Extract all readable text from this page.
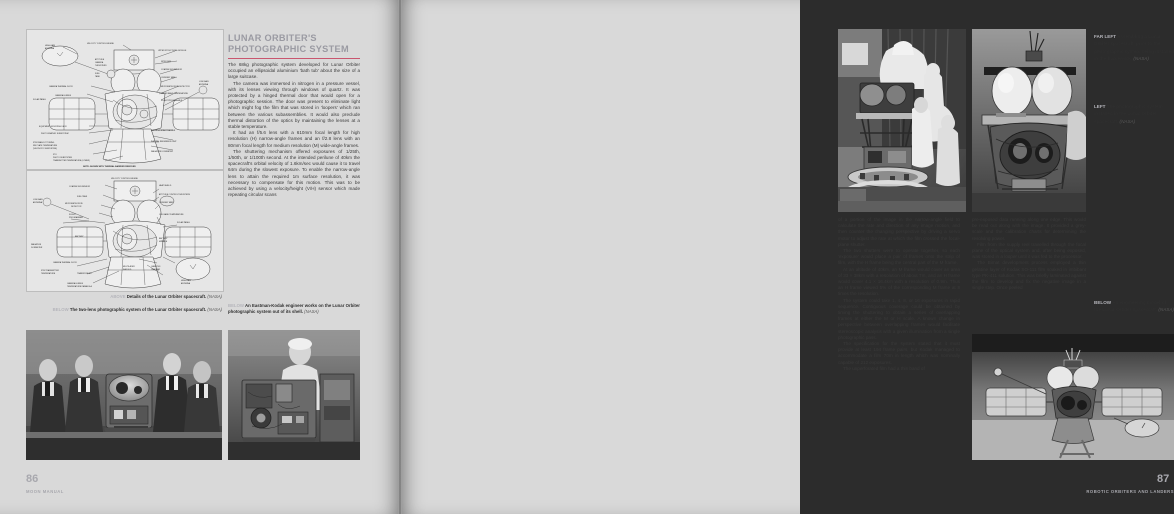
HIGH-GAIN
ANTENNA
VELOCITY CONTROL ENGINE
ATTITUDE
CAMERA
THRUSTERS
FUEL
TANK
UPPER STRUCTURAL MODULE
NITROGEN
COARSE SUN SENSOR
OXIDISER TANK
MICROMETEOROID DETECTOR
UPPER BAND TEMPERATURE
FLIGHT PROGRAMMER
CAMERA THERMAL DOOR
CAMERA LENSES
SOLAR PANEL
EQUIPMENT MOUNTING DECK
PHOTOGRAPHIC SUBSYSTEM
FTM READOUT TUBING
FIN PLATE TEMPERATURE
(V/H PHOTO SUBSYSTEM)
FTU
PHOTO SUBSYSTEM
TRANSMITTER TEMPERATURE (LOWER)
CANOPUS STAR TRACKER
INERTIAL REFERENCE UNIT
RADIATION DOSIMETER
LOW-GAIN
ANTENNA
NOTE: SHOWN WITH THERMAL BARRIER REMOVED
VELOCITY CONTROL ENGINE
HEAT SHIELD
COARSE SUN SENSOR
ATTITUDE CONTROL THRUSTERS
FUEL TANK
OXIDISER TANK
MICROMETEOROID
DETECTOR
CEIL BAND TEMPERATURE
FLIGHT
PROGRAMMER
LOW-GAIN
ANTENNA
SOLAR PANEL
BATTERY
BATTERY
MODULE
RADIATION
DOSIMETER
CAMERA THERMAL DOOR
FTM TRANSMITTER
TEMPERATURE	TRANSPONDER
MULTILAYER
SHROUD
CAMERA LENSES
TEMPERATURE PARABOLA
CANOPUS
TRACKER
HIGH-GAIN
ANTENNA
ABOVE Details of the Lunar Orbiter spacecraft. (NASA)
BELOW The two-lens photographic system of the Lunar Orbiter spacecraft. (NASA)
86
MOON MANUAL
LUNAR ORBITER'S
PHOTOGRAPHIC SYSTEM

The 68kg photographic system developed for Lunar Orbiter occupied an ellipsoidal aluminium 'bath tub' about the size of a large suitcase.

The camera was immersed in nitrogen in a pressure vessel, with its lenses viewing through windows of quartz. It was protected by a hinged thermal door that would open for a photographic session. The door was present to eliminate light which might fog the film that was stored in 'loopers' which ran between the various subassemblies. It would also preclude thermal distortion of the optics by maintaining the lenses at a stable temperature.

It had an f/5.6 lens with a 610mm focal length for high resolution (H) narrow-angle frames and an f/2.8 lens with an 80mm focal length for medium resolution (M) wide-angle frames.

The shuttering mechanism offered exposures of 1/25th, 1/50th, or 1/100th second. At the intended perilune of 40km the spacecraft's orbital velocity of 1.6km/sec would cause it to travel 64m during the slowest exposure. To enable the narrow-angle lens to attain the required 1m surface resolution, it was necessary to compensate for this motion. This was to be achieved by using a velocity/height (V/H) sensor which made repeating circular scans

BELOW An Eastman-Kodak engineer works on the Lunar Orbiter photographic system out of its shell. (NASA)
FAR LEFT Assembling a Lunar Orbiter spacecraft, prior to the photographic system being installed in the framework. (NASA)
LEFT The photographic system installed in the Lunar Orbiter spacecraft. (NASA)
BELOW An engineering model of the Lunar Orbiter spacecraft. (NASA)

of a portion of the image in the narrow-angle field to calculate the rate and direction of any image motion, and then counter the changing perspective by driving a servo motor to adjust the rate at which the film crossed the focal-plane shutter.

The two shutters were to operate together, so each 'exposure' would place a pair of frames onto the strip of film, with the H frame being the central part of the M frame.

At an altitude of 40km, an M frame would cover an area of 33 × 38km with a resolution of about 7m, and an H frame would cover 4.1 × 16.4km with a resolution of 0.9m. Thus an H frame viewed 5% of the corresponding M frame at 8 times the resolution.

The system could take 1, 4, 8, or 16 exposures in rapid sequence. Contiguous coverage could be obtained by timing the shuttering to obtain a series of overlapping frames at either the M or H scale. A known change in perspective between overlapping frames would facilitate stereoscopic analysis with a given illumination from a single photographic pass.

The specification for the system stated that it must provide at least 194 frame pairs, but Kodak managed to accommodate a film 70m in length which was nominally capable of 212 exposures.

The unperforated film had a thin band of

pre-exposed data running along one edge. This would be read out along with the image. It provided a grey-scale and the calibration charts for determining the resolving power.

Film from the supply reel travelled through the focal plane of the optical system and, after being exposed, was stored in a looper until it was fed to the processor.

The Bimat development process employed a thin gelatine layer of Kodak SO-111 film soaked in imbibant type PK-411 solution. This was briefly laminated against the film to develop and fix the negative image in a single step. Once peeled

87
ROBOTIC ORBITERS AND LANDERS
